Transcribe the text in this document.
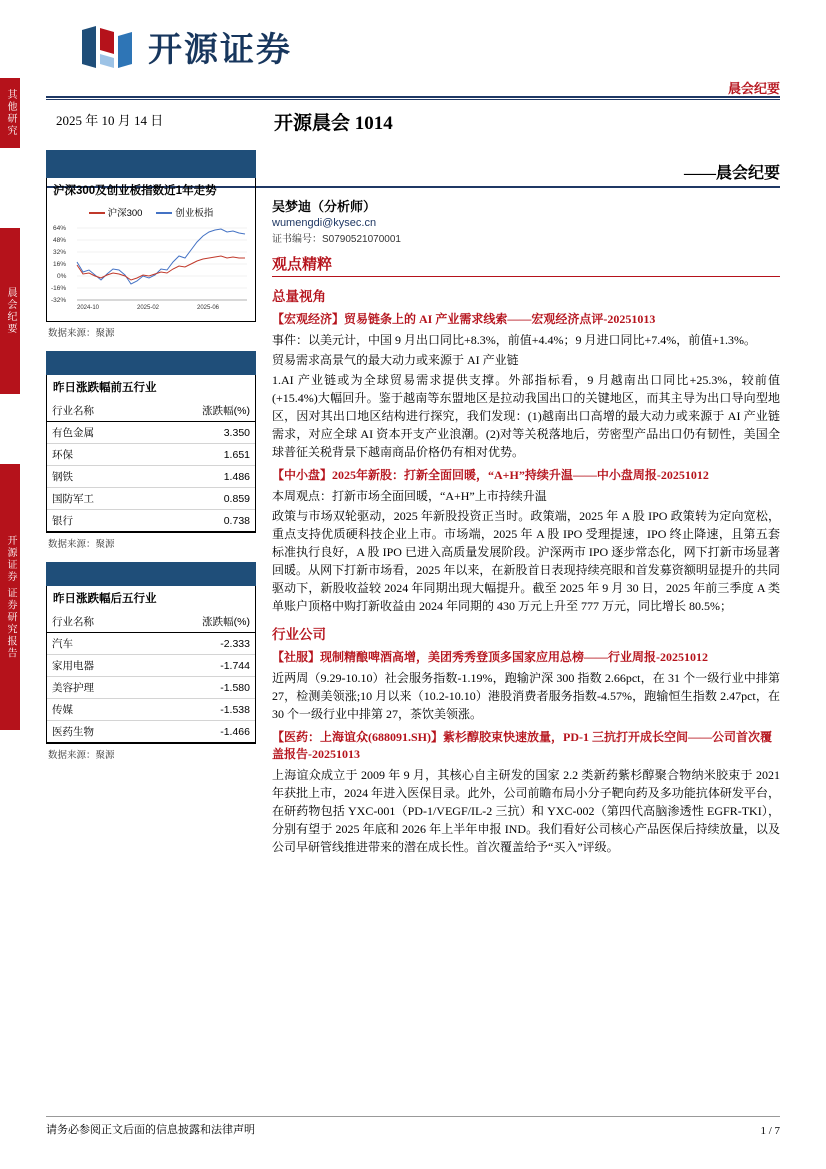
其他研究
晨会纪要
开源证券 证券研究报告
开源证券
晨会纪要
2025 年 10 月 14 日	开源晨会 1014
——晨会纪要
沪深300及创业板指数近1年走势
沪深300	创业板指
64%
48%
32%
16%
0%
-16%
-32%
2024-10	2025-02	2025-06
数据来源：聚源
昨日涨跌幅前五行业
行业名称	涨跌幅(%)
有色金属	3.350
环保	1.651
钢铁	1.486
国防军工	0.859
银行	0.738
数据来源：聚源
昨日涨跌幅后五行业
行业名称	涨跌幅(%)
汽车	-2.333
家用电器	-1.744
美容护理	-1.580
传媒	-1.538
医药生物	-1.466
数据来源：聚源
吴梦迪（分析师）
wumengdi@kysec.cn
证书编号：S0790521070001
观点精粹
总量视角
【宏观经济】贸易链条上的 AI 产业需求线索——宏观经济点评-20251013

事件：以美元计，中国 9 月出口同比+8.3%，前值+4.4%；9 月进口同比+7.4%，前值+1.3%。

贸易需求高景气的最大动力或来源于 AI 产业链

1.AI 产业链或为全球贸易需求提供支撑。外部指标看，9 月越南出口同比+25.3%，较前值(+15.4%)大幅回升。鉴于越南等东盟地区是拉动我国出口的关键地区，而其主导为出口导向型地区，因对其出口地区结构进行探究，我们发现：(1)越南出口高增的最大动力或来源于 AI 产业链需求，对应全球 AI 资本开支产业浪潮。(2)对等关税落地后，劳密型产品出口仍有韧性，美国全球普征关税背景下越南商品价格仍有相对优势。

【中小盘】2025年新股：打新全面回暖，“A+H”持续升温——中小盘周报-20251012

本周观点：打新市场全面回暖，“A+H”上市持续升温

政策与市场双轮驱动，2025 年新股投资正当时。政策端，2025 年 A 股 IPO 政策转为定向宽松，重点支持优质硬科技企业上市。市场端，2025 年 A 股 IPO 受理提速，IPO 终止降速，且第五套标准执行良好，A 股 IPO 已进入高质量发展阶段。沪深两市 IPO 逐步常态化，网下打新市场显著回暖。从网下打新市场看，2025 年以来，在新股首日表现持续亮眼和首发募资额明显提升的共同驱动下，新股收益较 2024 年同期出现大幅提升。截至 2025 年 9 月 30 日，2025 年前三季度 A 类单账户顶格中购打新收益由 2024 年同期的 430 万元上升至 777 万元，同比增长 80.5%；

行业公司
【社服】现制精酿啤酒高增，美团秀秀登顶多国家应用总榜——行业周报-20251012

近两周（9.29-10.10）社会服务指数-1.19%，跑输沪深 300 指数 2.66pct，在 31 个一级行业中排第 27，检测美领涨;10 月以来（10.2-10.10）港股消费者服务指数-4.57%，跑输恒生指数 2.47pct，在 30 个一级行业中排第 27，茶饮美领涨。

【医药：上海谊众(688091.SH)】紫杉醇胶束快速放量，PD-1 三抗打开成长空间——公司首次覆盖报告-20251013

上海谊众成立于 2009 年 9 月，其核心自主研发的国家 2.2 类新药紫杉醇聚合物纳米胶束于 2021 年获批上市，2024 年进入医保目录。此外，公司前瞻布局小分子靶向药及多功能抗体研发平台，在研药物包括 YXC-001（PD-1/VEGF/IL-2 三抗）和 YXC-002（第四代高脑渗透性 EGFR-TKI），分别有望于 2025 年底和 2026 年上半年申报 IND。我们看好公司核心产品医保后持续放量，以及公司早研管线推进带来的潜在成长性。首次覆盖给予“买入”评级。

请务必参阅正文后面的信息披露和法律声明	1 / 7
